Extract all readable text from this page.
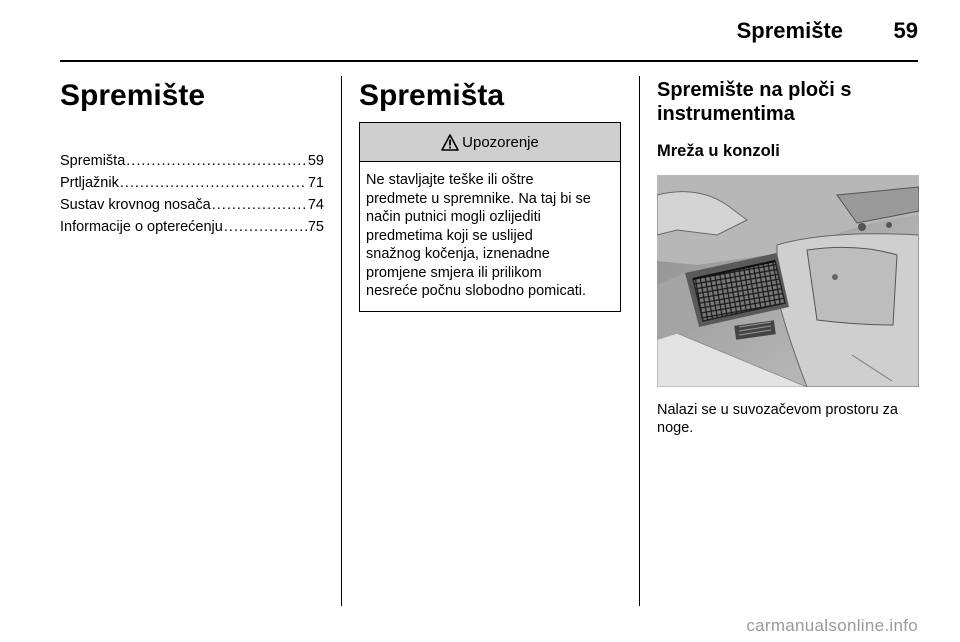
Spremište 59
Spremište
Spremišta .....	59
Prtljažnik .....	71
Sustav krovnog nosača .....	74
Informacije o opterećenju .....	75
Spremišta
Upozorenje
Ne stavljajte teške ili oštre
predmete u spremnike. Na taj bi se
način putnici mogli ozlijediti
predmetima koji se uslijed
snažnog kočenja, iznenadne
promjene smjera ili prilikom
nesreće počnu slobodno pomicati.
Spremište na ploči s
instrumentima
Mreža u konzoli
Nalazi se u suvozačevom prostoru za
noge.
carmanualsonline.info
